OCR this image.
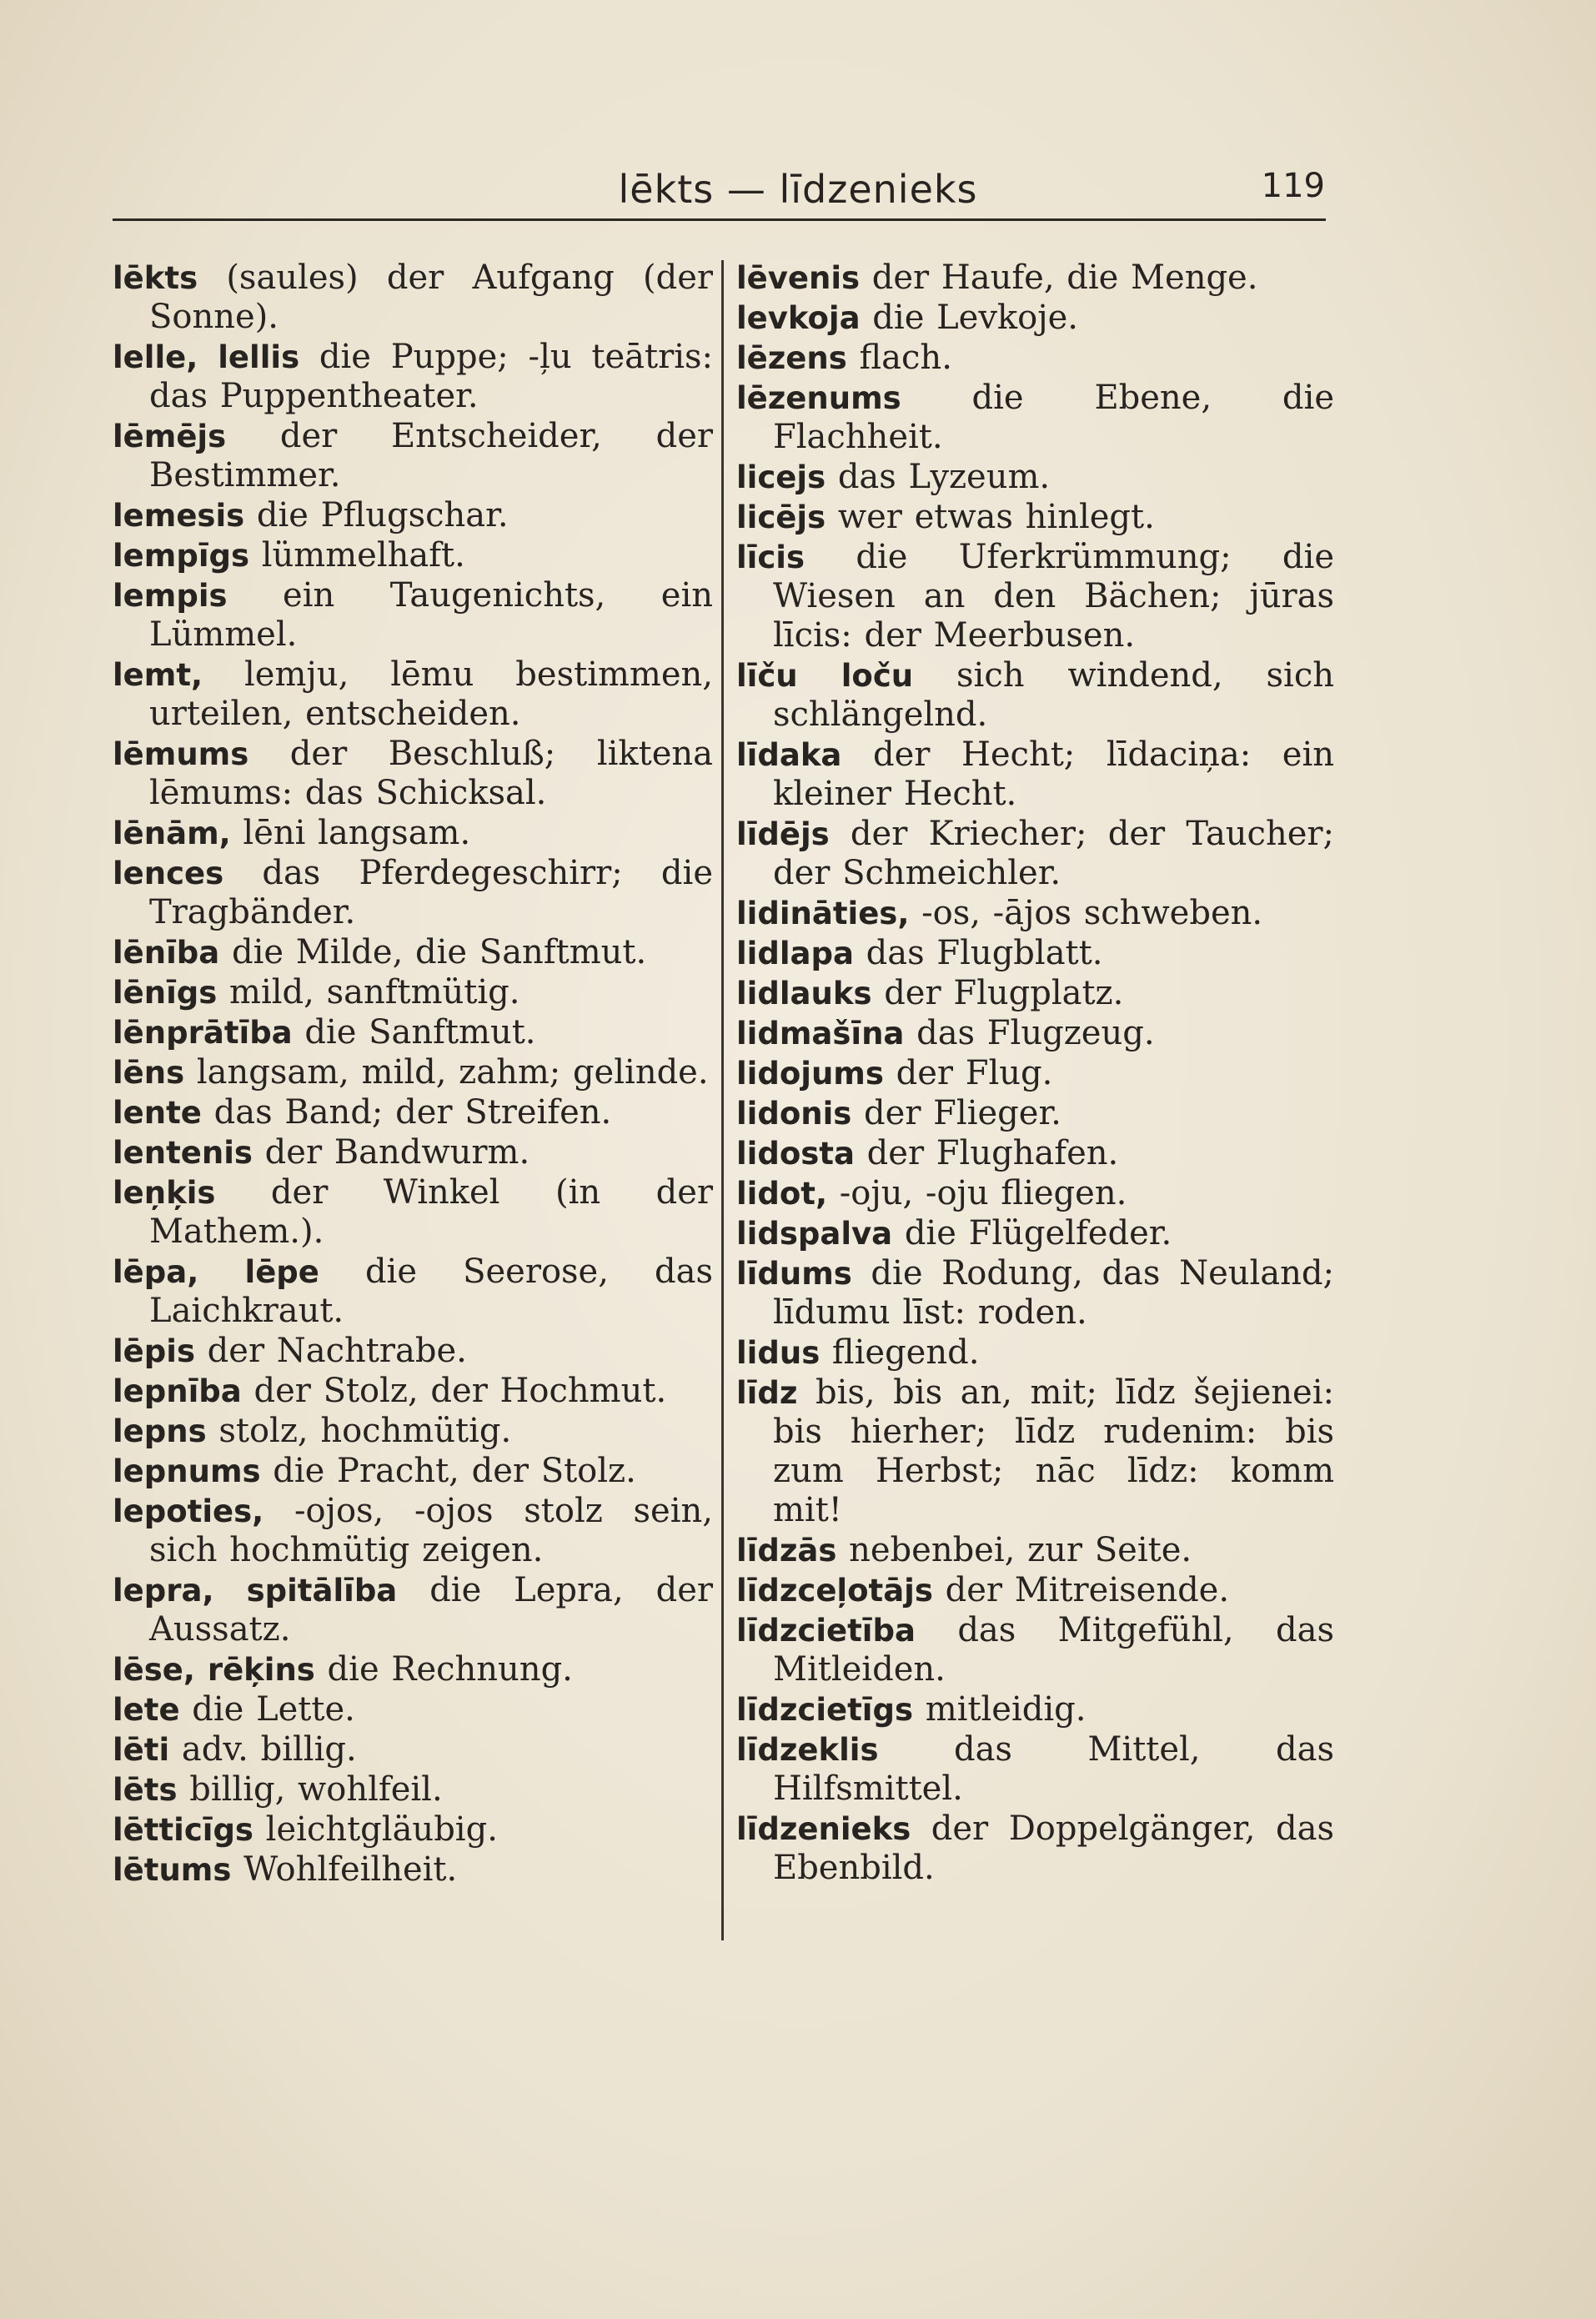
lēkts — līdzenieks	119

lēkts (saules) der Aufgang (der Sonne).

lelle, lellis die Puppe; -ļu teātris: das Puppentheater.

lēmējs der Entscheider, der Bestimmer.

lemesis die Pflugschar.

lempīgs lümmelhaft.

lempis ein Taugenichts, ein Lümmel.

lemt, lemju, lēmu bestimmen, urteilen, entscheiden.

lēmums der Beschluß; liktena lēmums: das Schicksal.

lēnām, lēni langsam.

lences das Pferdegeschirr; die Tragbänder.

lēnība die Milde, die Sanftmut.

lēnīgs mild, sanftmütig.

lēnprātība die Sanftmut.

lēns langsam, mild, zahm; gelinde.

lente das Band; der Streifen.

lentenis der Bandwurm.

leņķis der Winkel (in der Mathem.).

lēpa, lēpe die Seerose, das Laichkraut.

lēpis der Nachtrabe.

lepnība der Stolz, der Hochmut.

lepns stolz, hochmütig.

lepnums die Pracht, der Stolz.

lepoties, -ojos, -ojos stolz sein, sich hochmütig zeigen.

lepra, spitālība die Lepra, der Aussatz.

lēse, rēķins die Rechnung.

lete die Lette.

lēti adv. billig.

lēts billig, wohlfeil.

lētticīgs leichtgläubig.

lētums Wohlfeilheit.

lēvenis der Haufe, die Menge.

levkoja die Levkoje.

lēzens flach.

lēzenums die Ebene, die Flachheit.

licejs das Lyzeum.

licējs wer etwas hinlegt.

līcis die Uferkrümmung; die Wiesen an den Bächen; jūras līcis: der Meerbusen.

līču loču sich windend, sich schlängelnd.

līdaka der Hecht; līdaciņa: ein kleiner Hecht.

līdējs der Kriecher; der Taucher; der Schmeichler.

lidināties, -os, -ājos schweben.

lidlapa das Flugblatt.

lidlauks der Flugplatz.

lidmašīna das Flugzeug.

lidojums der Flug.

lidonis der Flieger.

lidosta der Flughafen.

lidot, -oju, -oju fliegen.

lidspalva die Flügelfeder.

līdums die Rodung, das Neuland; līdumu līst: roden.

lidus fliegend.

līdz bis, bis an, mit; līdz šejienei: bis hierher; līdz rudenim: bis zum Herbst; nāc līdz: komm mit!

līdzās nebenbei, zur Seite.

līdzceļotājs der Mitreisende.

līdzcietība das Mitgefühl, das Mitleiden.

līdzcietīgs mitleidig.

līdzeklis das Mittel, das Hilfsmittel.

līdzenieks der Doppelgänger, das Ebenbild.
